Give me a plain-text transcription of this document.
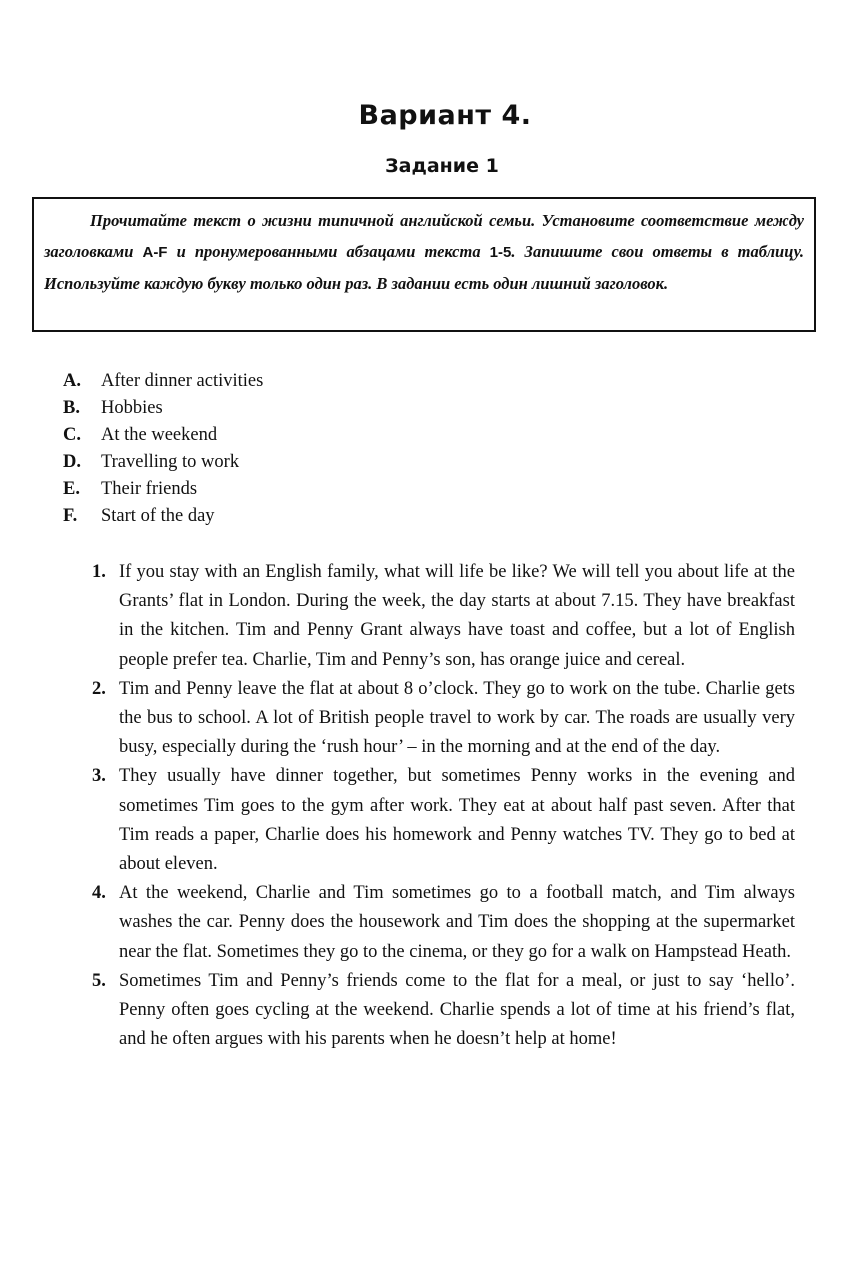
Вариант 4.
Задание 1
Прочитайте текст о жизни типичной английской семьи. Установите соответствие между заголовками A-F и пронумерованными абзацами текста 1-5. Запишите свои ответы в таблицу. Используйте каждую букву только один раз. В задании есть один лишний заголовок.
A.	After dinner activities
B.	Hobbies
C.	At the weekend
D.	Travelling to work
E.	Their friends
F.	Start of the day
1. If you stay with an English family, what will life be like? We will tell you about life at the Grants’ flat in London. During the week, the day starts at about 7.15. They have breakfast in the kitchen. Tim and Penny Grant always have toast and coffee, but a lot of English people prefer tea. Charlie, Tim and Penny’s son, has orange juice and cereal.
2. Tim and Penny leave the flat at about 8 o’clock. They go to work on the tube. Charlie gets the bus to school. A lot of British people travel to work by car. The roads are usually very busy, especially during the ‘rush hour’ – in the morning and at the end of the day.
3. They usually have dinner together, but sometimes Penny works in the evening and sometimes Tim goes to the gym after work. They eat at about half past seven. After that Tim reads a paper, Charlie does his homework and Penny watches TV. They go to bed at about eleven.
4. At the weekend, Charlie and Tim sometimes go to a football match, and Tim always washes the car. Penny does the housework and Tim does the shopping at the supermarket near the flat. Sometimes they go to the cinema, or they go for a walk on Hampstead Heath.
5. Sometimes Tim and Penny’s friends come to the flat for a meal, or just to say ‘hello’. Penny often goes cycling at the weekend. Charlie spends a lot of time at his friend’s flat, and he often argues with his parents when he doesn’t help at home!
